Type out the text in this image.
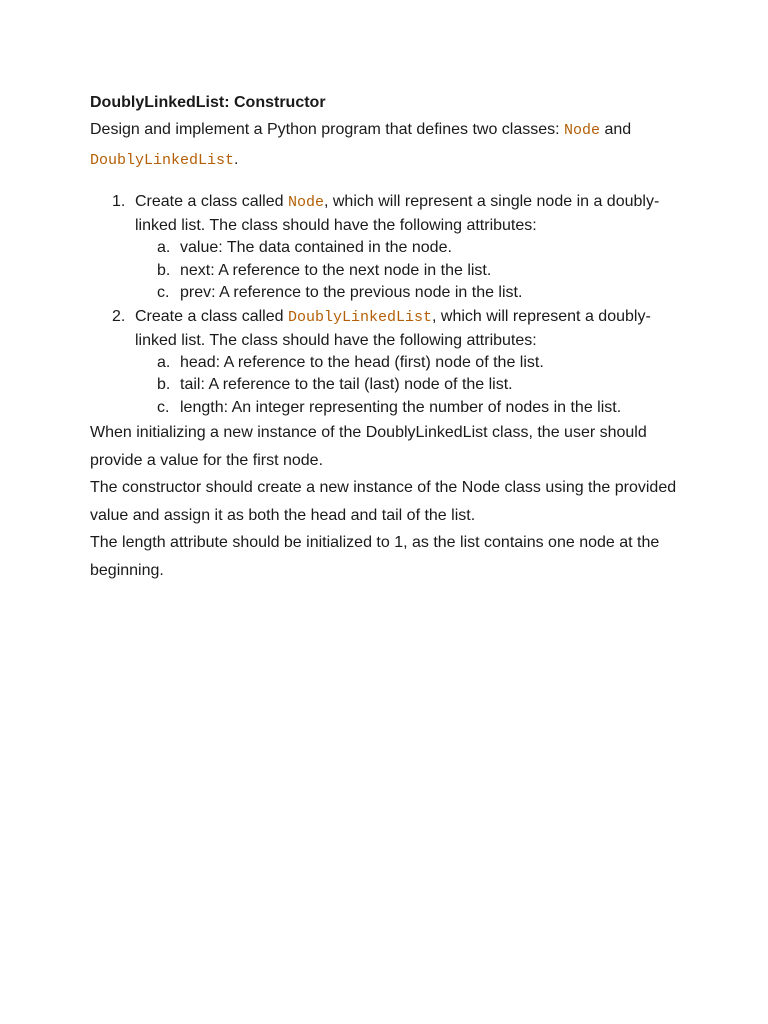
DoublyLinkedList: Constructor

Design and implement a Python program that defines two classes: Node and
DoublyLinkedList.

1. Create a class called Node, which will represent a single node in a doubly-linked list. The class should have the following attributes:
a. value: The data contained in the node.
b. next: A reference to the next node in the list.
c. prev: A reference to the previous node in the list.
2. Create a class called DoublyLinkedList, which will represent a doubly-linked list. The class should have the following attributes:
a. head: A reference to the head (first) node of the list.
b. tail: A reference to the tail (last) node of the list.
c. length: An integer representing the number of nodes in the list.

When initializing a new instance of the DoublyLinkedList class, the user should provide a value for the first node.

The constructor should create a new instance of the Node class using the provided value and assign it as both the head and tail of the list.

The length attribute should be initialized to 1, as the list contains one node at the beginning.
